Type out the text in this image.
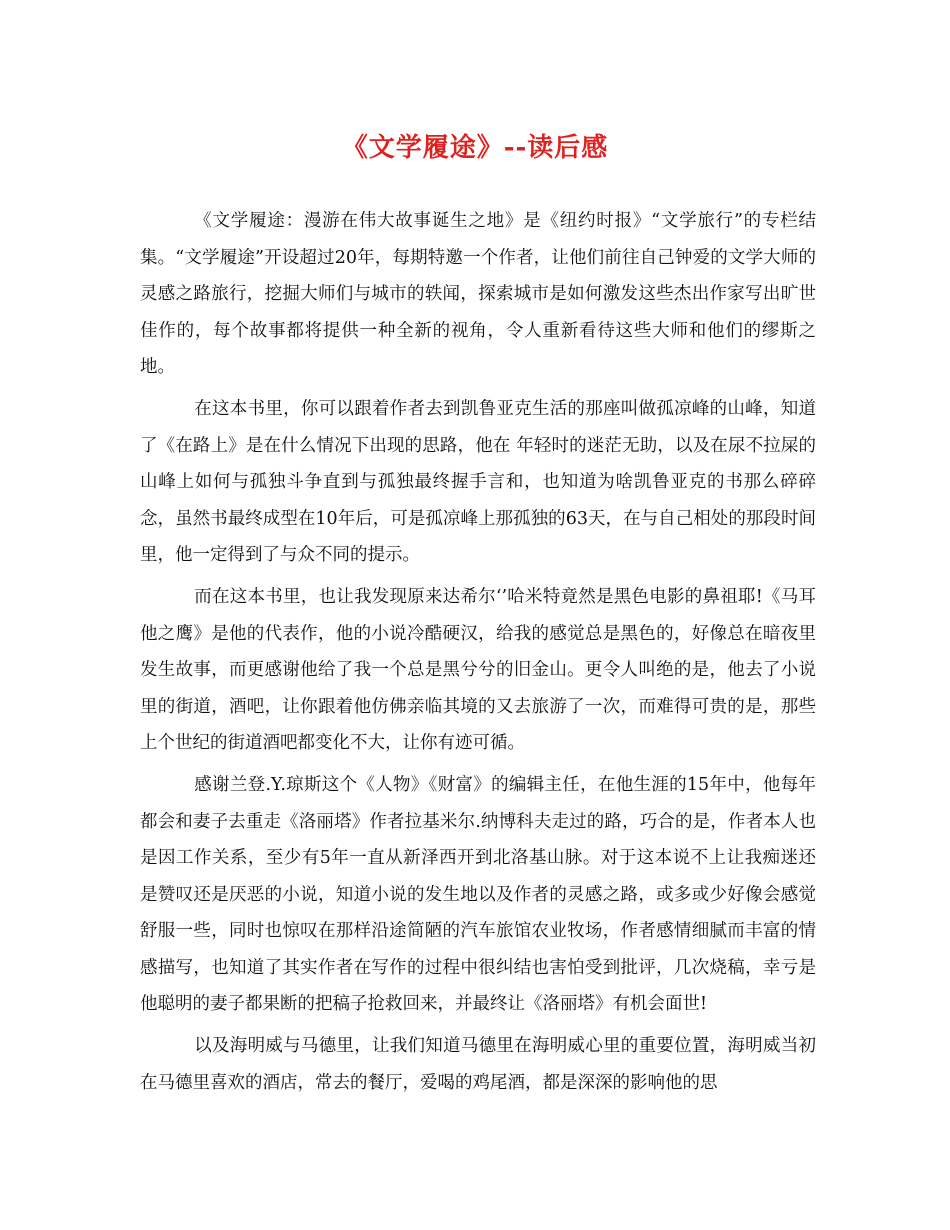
《文学履途》--读后感

《文学履途：漫游在伟大故事诞生之地》是《纽约时报》“文学旅行”的专栏结集。“文学履途”开设超过20年，每期特邀一个作者，让他们前往自己钟爱的文学大师的灵感之路旅行，挖掘大师们与城市的轶闻，探索城市是如何激发这些杰出作家写出旷世佳作的，每个故事都将提供一种全新的视角，令人重新看待这些大师和他们的缪斯之地。

在这本书里，你可以跟着作者去到凯鲁亚克生活的那座叫做孤凉峰的山峰，知道了《在路上》是在什么情况下出现的思路，他在 年轻时的迷茫无助，以及在尿不拉屎的山峰上如何与孤独斗争直到与孤独最终握手言和，也知道为啥凯鲁亚克的书那么碎碎念，虽然书最终成型在10年后，可是孤凉峰上那孤独的63天，在与自己相处的那段时间里，他一定得到了与众不同的提示。

而在这本书里，也让我发现原来达希尔‘’哈米特竟然是黑色电影的鼻祖耶!《马耳他之鹰》是他的代表作，他的小说冷酷硬汉，给我的感觉总是黑色的，好像总在暗夜里发生故事，而更感谢他给了我一个总是黑兮兮的旧金山。更令人叫绝的是，他去了小说里的街道，酒吧，让你跟着他仿佛亲临其境的又去旅游了一次，而难得可贵的是，那些上个世纪的街道酒吧都变化不大，让你有迹可循。

感谢兰登.Y.琼斯这个《人物》《财富》的编辑主任，在他生涯的15年中，他每年都会和妻子去重走《洛丽塔》作者拉基米尔.纳博科夫走过的路，巧合的是，作者本人也是因工作关系，至少有5年一直从新泽西开到北洛基山脉。对于这本说不上让我痴迷还是赞叹还是厌恶的小说，知道小说的发生地以及作者的灵感之路，或多或少好像会感觉舒服一些，同时也惊叹在那样沿途简陋的汽车旅馆农业牧场，作者感情细腻而丰富的情感描写，也知道了其实作者在写作的过程中很纠结也害怕受到批评，几次烧稿，幸亏是他聪明的妻子都果断的把稿子抢救回来，并最终让《洛丽塔》有机会面世!

以及海明威与马德里，让我们知道马德里在海明威心里的重要位置，海明威当初在马德里喜欢的酒店，常去的餐厅，爱喝的鸡尾酒，都是深深的影响他的思
